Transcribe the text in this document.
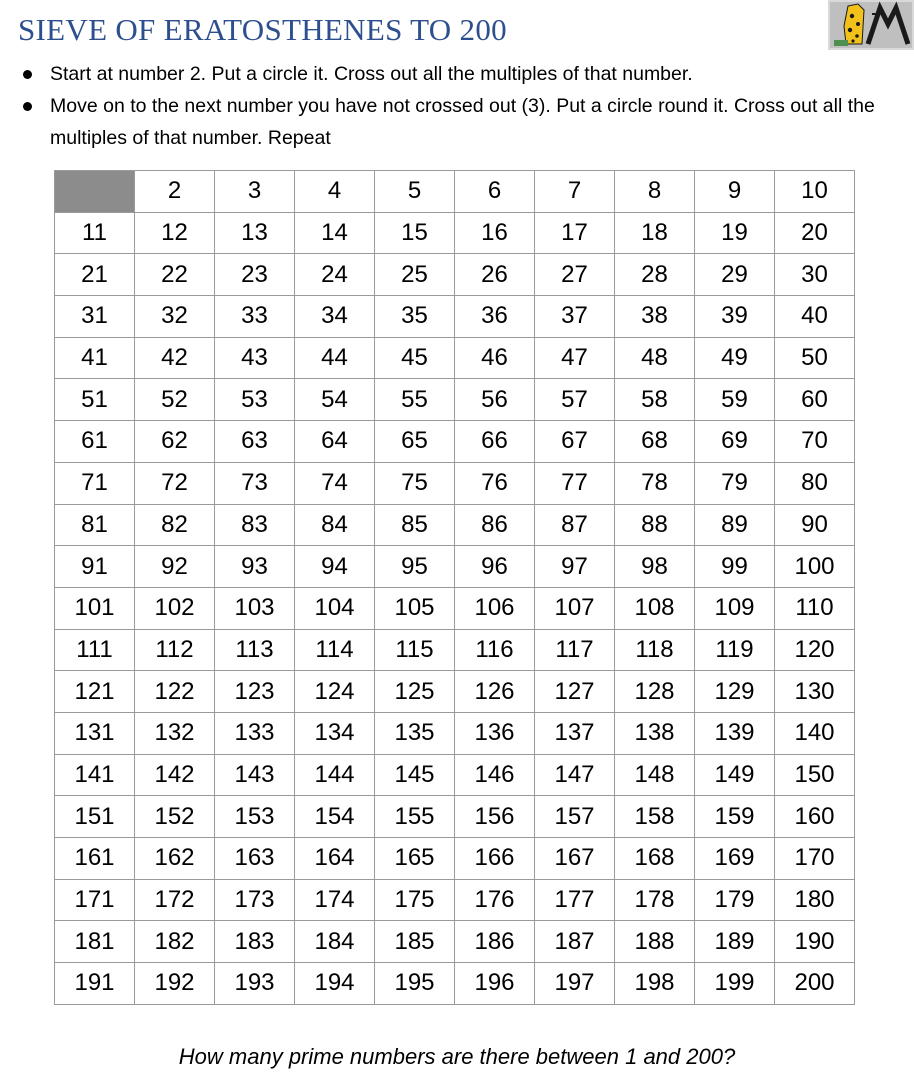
SIEVE OF ERATOSTHENES TO 200
Start at number 2. Put a circle it. Cross out all the multiples of that number.
Move on to the next number you have not crossed out (3). Put a circle round it. Cross out all the multiples of that number. Repeat
	2	3	4	5	6	7	8	9	10
11	12	13	14	15	16	17	18	19	20
21	22	23	24	25	26	27	28	29	30
31	32	33	34	35	36	37	38	39	40
41	42	43	44	45	46	47	48	49	50
51	52	53	54	55	56	57	58	59	60
61	62	63	64	65	66	67	68	69	70
71	72	73	74	75	76	77	78	79	80
81	82	83	84	85	86	87	88	89	90
91	92	93	94	95	96	97	98	99	100
101	102	103	104	105	106	107	108	109	110
111	112	113	114	115	116	117	118	119	120
121	122	123	124	125	126	127	128	129	130
131	132	133	134	135	136	137	138	139	140
141	142	143	144	145	146	147	148	149	150
151	152	153	154	155	156	157	158	159	160
161	162	163	164	165	166	167	168	169	170
171	172	173	174	175	176	177	178	179	180
181	182	183	184	185	186	187	188	189	190
191	192	193	194	195	196	197	198	199	200
How many prime numbers are there between 1 and 200?
